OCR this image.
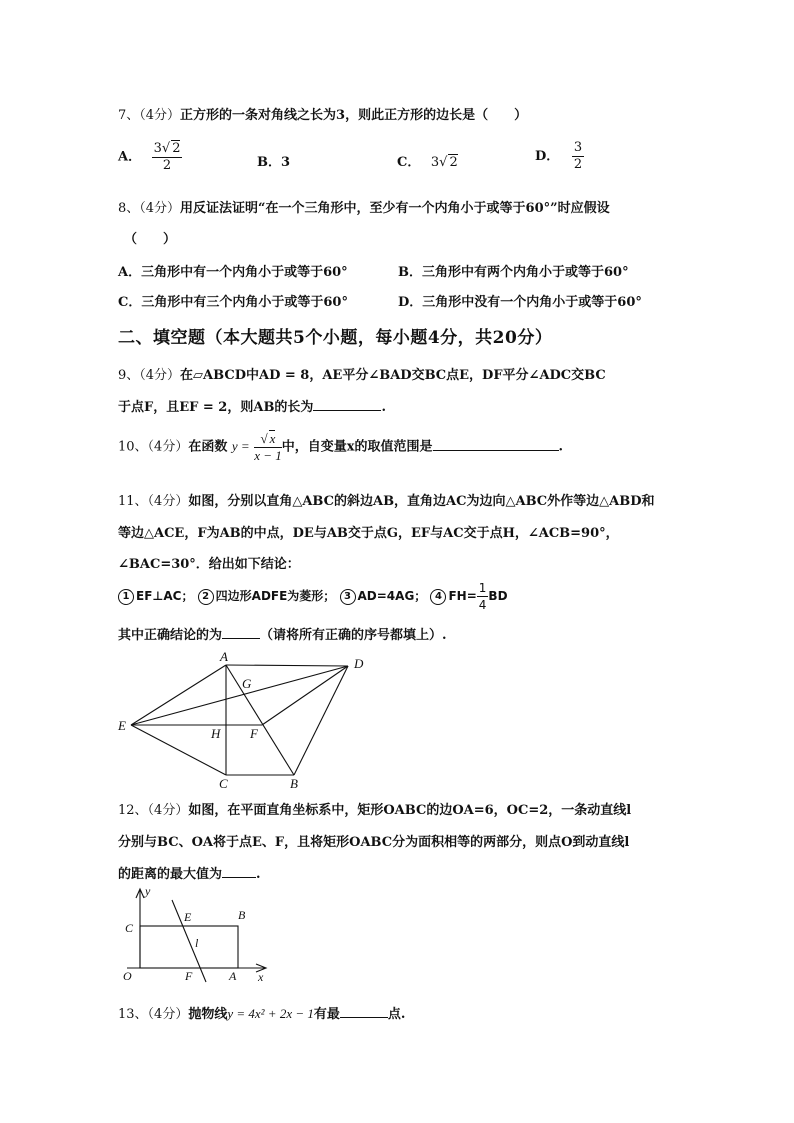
7、（4分）正方形的一条对角线之长为3，则此正方形的边长是（　　）
A． $\frac{3√ 2}{2}$	B．3	C． 3√ 2	D． $\frac{3}{2}$
8、（4分）用反证法证明“在一个三角形中，至少有一个内角小于或等于60°”时应假设
（　　）
A．三角形中有一个内角小于或等于60°	B．三角形中有两个内角小于或等于60°
C．三角形中有三个内角小于或等于60°	D．三角形中没有一个内角小于或等于60°
二、填空题（本大题共5个小题，每小题4分，共20分）
9、（4分）在▱ABCD中AD = 8，AE平分∠BAD交BC点E，DF平分∠ADC交BC
于点F，且EF = 2，则AB的长为	.
10、（4分）在函数 $y = \frac{√ x}{x - 1}$ 中，自变量x的取值范围是	.
11、（4分）如图，分别以直角△ABC的斜边AB，直角边AC为边向△ABC外作等边△ABD和
等边△ACE，F为AB的中点，DE与AB交于点G，EF与AC交于点H，∠ACB=90°，
∠BAC=30°．给出如下结论：
1 EF⊥AC； 2 四边形ADFE为菱形； 3 AD=4AG； 4 $FH= \frac{1}{4}$ BD
其中正确结论的为	（请将所有正确的序号都填上）.
A	D
G
E
H F
C	B
12、（4分）如图，在平面直角坐标系中，矩形OABC的边OA=6，OC=2，一条动直线l
分别与BC、OA将于点E、F，且将矩形OABC分为面积相等的两部分，则点O到动直线l
的距离的最大值为	.
y
C
E	B
l
O	F	A x
13、（4分）抛物线y = 4x² + 2x − 1有最	点.
